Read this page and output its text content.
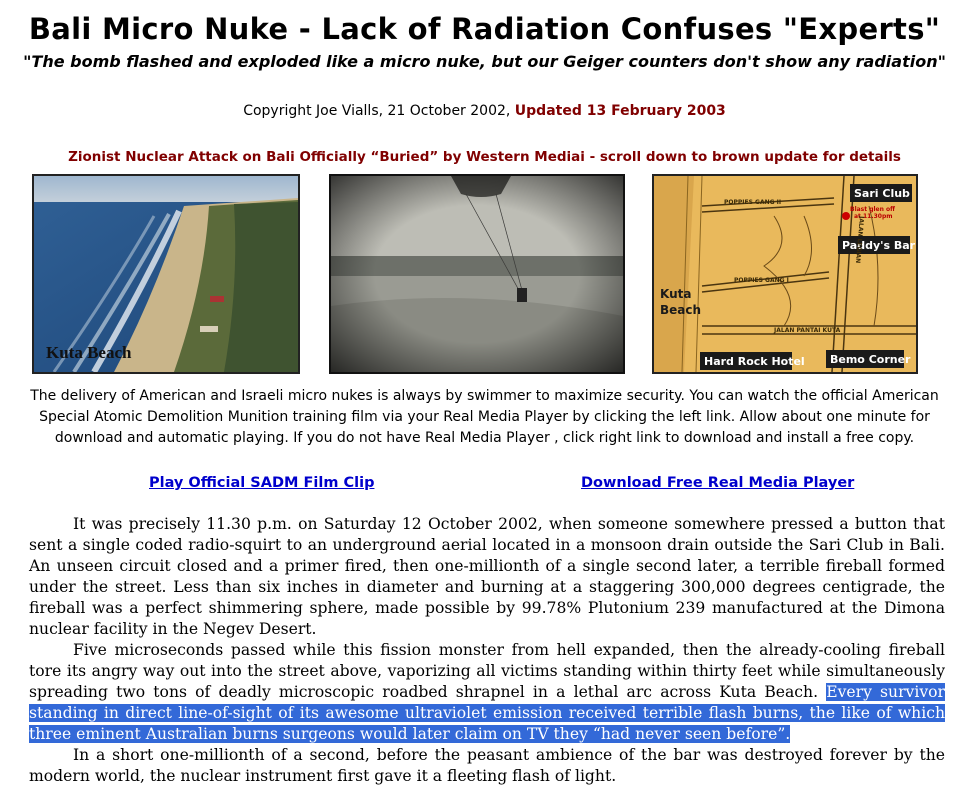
Bali Micro Nuke - Lack of Radiation Confuses "Experts"
"The bomb flashed and exploded like a micro nuke, but our Geiger counters don't show any radiation"
Copyright Joe Vialls, 21 October 2002, Updated 13 February 2003
Zionist Nuclear Attack on Bali Officially “Buried” by Western Mediai - scroll down to brown update for details
Kuta Beach
Sari Club
Blast glen off
at 11.30pm
Paddy's Bar
POPPIES GANG II
POPPIES GANG I
JALAN PANTAI KUTA
JALAN LEGIAN
Kuta
Beach
Hard Rock Hotel Bemo Corner
The delivery of American and Israeli micro nukes is always by swimmer to maximize security. You can watch the official American Special Atomic Demolition Munition training film via your Real Media Player by clicking the left link. Allow about one minute for download and automatic playing. If you do not have Real Media Player , click right link to download and install a free copy.
Play Official SADM Film Clip	Download Free Real Media Player

It was precisely 11.30 p.m. on Saturday 12 October 2002, when someone somewhere pressed a button that sent a single coded radio-squirt to an underground aerial located in a monsoon drain outside the Sari Club in Bali. An unseen circuit closed and a primer fired, then one-millionth of a single second later, a terrible fireball formed under the street. Less than six inches in diameter and burning at a staggering 300,000 degrees centigrade, the fireball was a perfect shimmering sphere, made possible by 99.78% Plutonium 239 manufactured at the Dimona nuclear facility in the Negev Desert.

Five microseconds passed while this fission monster from hell expanded, then the already-cooling fireball tore its angry way out into the street above, vaporizing all victims standing within thirty feet while simultaneously spreading two tons of deadly microscopic roadbed shrapnel in a lethal arc across Kuta Beach. Every survivor standing in direct line-of-sight of its awesome ultraviolet emission received terrible flash burns, the like of which three eminent Australian burns surgeons would later claim on TV they “had never seen before”.

In a short one-millionth of a second, before the peasant ambience of the bar was destroyed forever by the modern world, the nuclear instrument first gave it a fleeting flash of light.
